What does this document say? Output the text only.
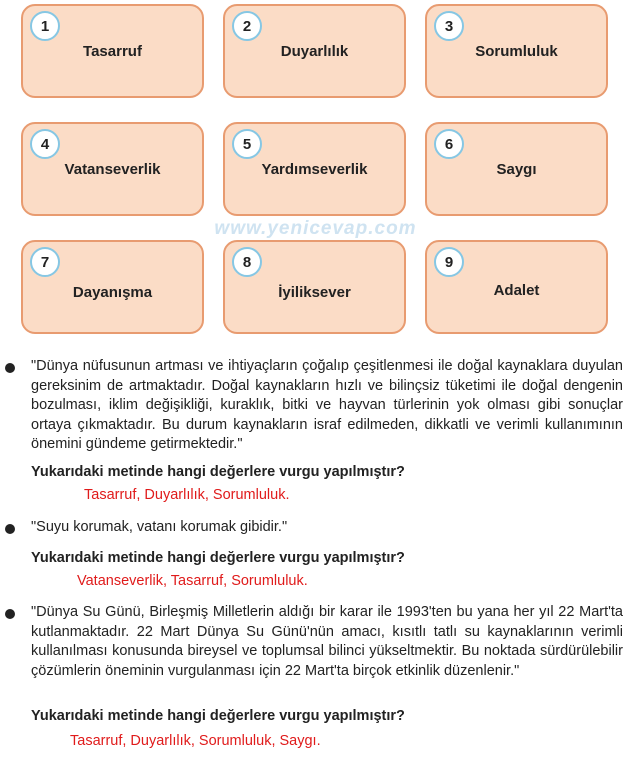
1
Tasarruf
2
Duyarlılık
3
Sorumluluk
4
Vatanseverlik
5
Yardımseverlik
6
Saygı
www.yenicevap.com
7
Dayanışma
8
İyiliksever
9
Adalet

"Dünya nüfusunun artması ve ihtiyaçların çoğalıp çeşitlenmesi ile doğal kaynaklara duyulan gereksinim de artmaktadır. Doğal kaynakların hızlı ve bilinçsiz tüketimi ile doğal dengenin bozulması, iklim değişikliği, kuraklık, bitki ve hayvan türlerinin yok olması gibi sonuçlar ortaya çıkmaktadır. Bu durum kaynakların israf edilmeden, dikkatli ve verimli kullanımının önemini gündeme getirmektedir."

Yukarıdaki metinde hangi değerlere vurgu yapılmıştır?
Tasarruf, Duyarlılık, Sorumluluk.

"Suyu korumak, vatanı korumak gibidir."

Yukarıdaki metinde hangi değerlere vurgu yapılmıştır?
Vatanseverlik, Tasarruf, Sorumluluk.

"Dünya Su Günü, Birleşmiş Milletlerin aldığı bir karar ile 1993'ten bu yana her yıl 22 Mart'ta kutlanmaktadır. 22 Mart Dünya Su Günü'nün amacı, kısıtlı tatlı su kaynaklarının verimli kullanılması konusunda bireysel ve toplumsal bilinci yükseltmektir. Bu noktada sürdürülebilir çözümlerin öneminin vurgulanması için 22 Mart'ta birçok etkinlik düzenlenir."

Yukarıdaki metinde hangi değerlere vurgu yapılmıştır?
Tasarruf, Duyarlılık, Sorumluluk, Saygı.
